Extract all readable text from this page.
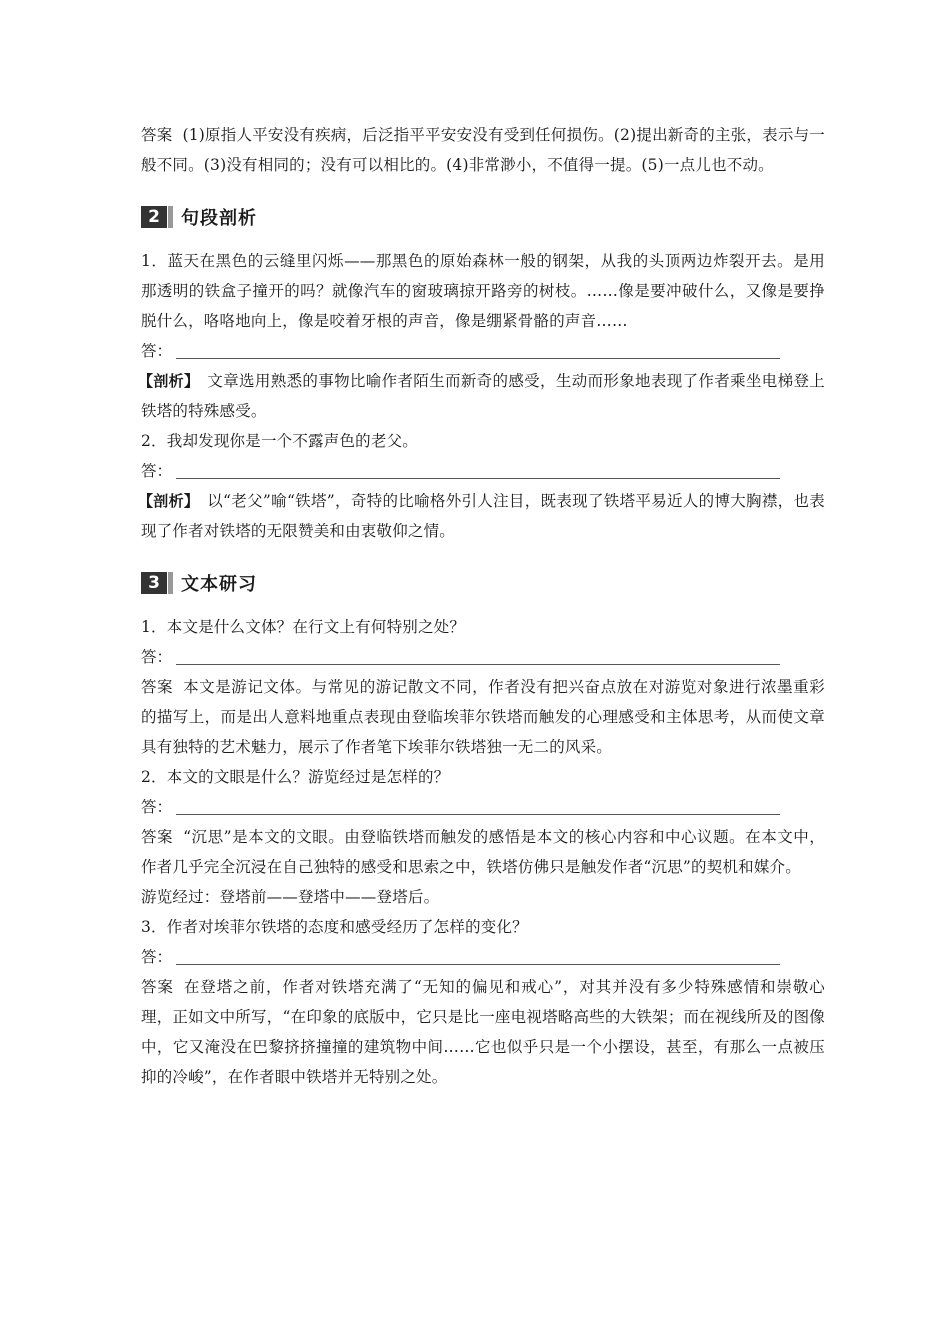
答案 (1)原指人平安没有疾病，后泛指平平安安没有受到任何损伤。(2)提出新奇的主张，表示与一般不同。(3)没有相同的；没有可以相比的。(4)非常渺小，不值得一提。(5)一点儿也不动。

2	句段剖析

1．蓝天在黑色的云缝里闪烁——那黑色的原始森林一般的钢架，从我的头顶两边炸裂开去。是用那透明的铁盒子撞开的吗？就像汽车的窗玻璃掠开路旁的树枝。……像是要冲破什么，又像是要挣脱什么，咯咯地向上，像是咬着牙根的声音，像是绷紧骨骼的声音……

答：

【剖析】 文章选用熟悉的事物比喻作者陌生而新奇的感受，生动而形象地表现了作者乘坐电梯登上铁塔的特殊感受。

2．我却发现你是一个不露声色的老父。

答：

【剖析】 以“老父”喻“铁塔”，奇特的比喻格外引人注目，既表现了铁塔平易近人的博大胸襟，也表现了作者对铁塔的无限赞美和由衷敬仰之情。

3	文本研习

1．本文是什么文体？在行文上有何特别之处？

答：

答案 本文是游记文体。与常见的游记散文不同，作者没有把兴奋点放在对游览对象进行浓墨重彩的描写上，而是出人意料地重点表现由登临埃菲尔铁塔而触发的心理感受和主体思考，从而使文章具有独特的艺术魅力，展示了作者笔下埃菲尔铁塔独一无二的风采。

2．本文的文眼是什么？游览经过是怎样的？

答：

答案 “沉思”是本文的文眼。由登临铁塔而触发的感悟是本文的核心内容和中心议题。在本文中，作者几乎完全沉浸在自己独特的感受和思索之中，铁塔仿佛只是触发作者“沉思”的契机和媒介。

游览经过：登塔前——登塔中——登塔后。

3．作者对埃菲尔铁塔的态度和感受经历了怎样的变化？

答：

答案 在登塔之前，作者对铁塔充满了“无知的偏见和戒心”，对其并没有多少特殊感情和崇敬心理，正如文中所写，“在印象的底版中，它只是比一座电视塔略高些的大铁架；而在视线所及的图像中，它又淹没在巴黎挤挤撞撞的建筑物中间……它也似乎只是一个小摆设，甚至，有那么一点被压抑的冷峻”，在作者眼中铁塔并无特别之处。
